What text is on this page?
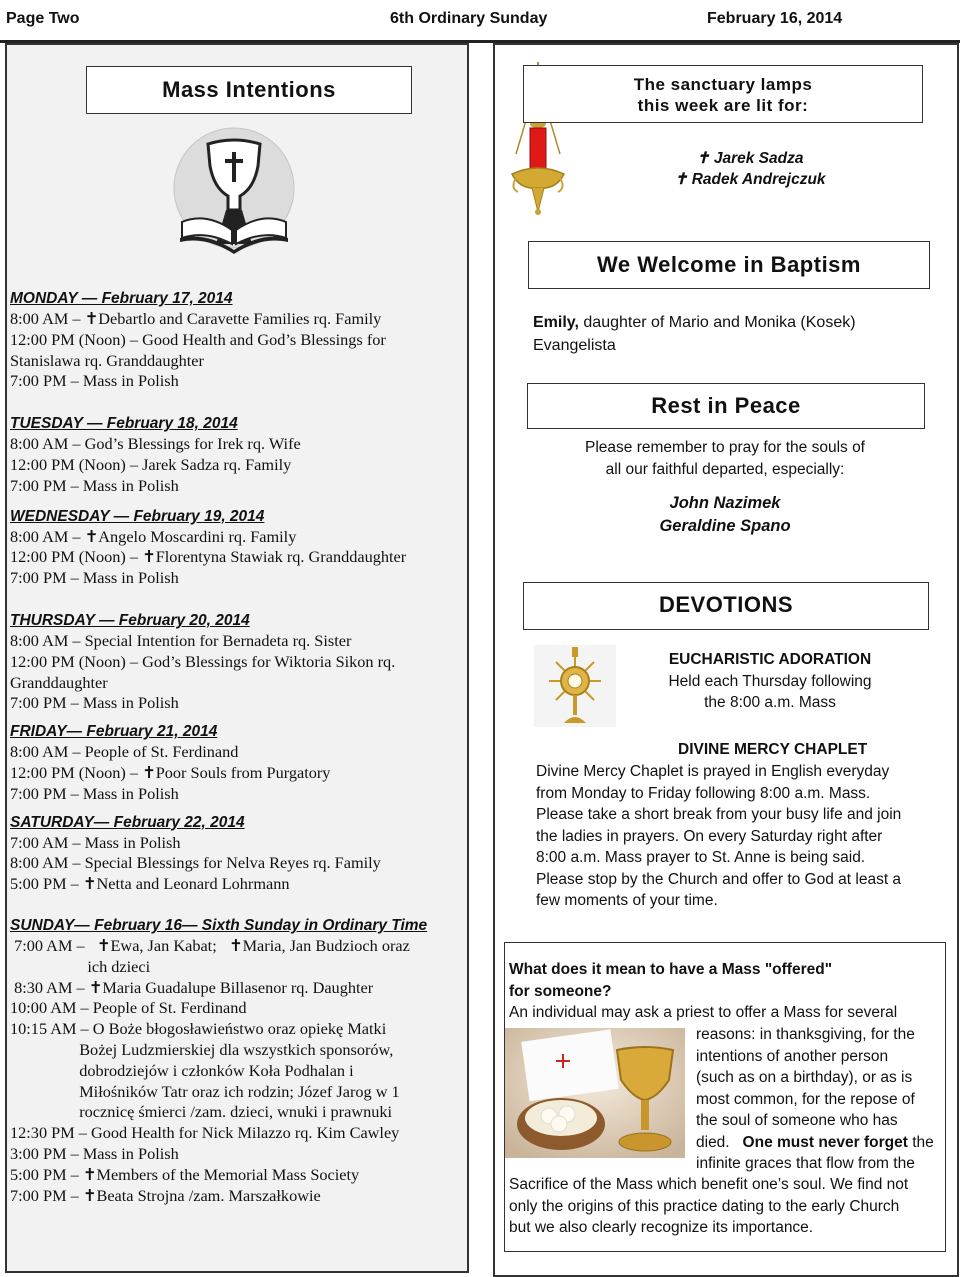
Page Two	6th Ordinary Sunday	February 16, 2014
Mass Intentions
MONDAY — February 17, 2014
8:00 AM – ✝Debartlo and Caravette Families rq. Family
12:00 PM (Noon) – Good Health and God’s Blessings for
Stanislawa rq. Granddaughter
7:00 PM – Mass in Polish
TUESDAY — February 18, 2014
8:00 AM – God’s Blessings for Irek rq. Wife
12:00 PM (Noon) – Jarek Sadza rq. Family
7:00 PM – Mass in Polish
WEDNESDAY — February 19, 2014
8:00 AM – ✝Angelo Moscardini rq. Family
12:00 PM (Noon) – ✝Florentyna Stawiak rq. Granddaughter
7:00 PM – Mass in Polish
THURSDAY — February 20, 2014
8:00 AM – Special Intention for Bernadeta rq. Sister
12:00 PM (Noon) – God’s Blessings for Wiktoria Sikon rq.
Granddaughter
7:00 PM – Mass in Polish
FRIDAY— February 21, 2014
8:00 AM – People of St. Ferdinand
12:00 PM (Noon) – ✝Poor Souls from Purgatory
7:00 PM – Mass in Polish
SATURDAY— February 22, 2014
7:00 AM – Mass in Polish
8:00 AM – Special Blessings for Nelva Reyes rq. Family
5:00 PM – ✝Netta and Leonard Lohrmann
SUNDAY— February 16— Sixth Sunday in Ordinary Time
7:00 AM –   ✝Ewa, Jan Kabat;   ✝Maria, Jan Budzioch oraz
ich dzieci
8:30 AM – ✝Maria Guadalupe Billasenor rq. Daughter
10:00 AM – People of St. Ferdinand
10:15 AM – O Boże błogosławieństwo oraz opiekę Matki
Bożej Ludzmierskiej dla wszystkich sponsorów,
dobrodziejów i członków Koła Podhalan i
Miłośników Tatr oraz ich rodzin; Józef Jarog w 1
rocznicę śmierci /zam. dzieci, wnuki i prawnuki
12:30 PM – Good Health for Nick Milazzo rq. Kim Cawley
3:00 PM – Mass in Polish
5:00 PM – ✝Members of the Memorial Mass Society
7:00 PM – ✝Beata Strojna /zam. Marszałkowie
The sanctuary lamps
this week are lit for:
✝ Jarek Sadza
✝ Radek Andrejczuk
We Welcome in Baptism
Emily, daughter of Mario and Monika (Kosek)
Evangelista
Rest in Peace
Please remember to pray for the souls of
all our faithful departed, especially:
John Nazimek
Geraldine Spano
DEVOTIONS
EUCHARISTIC ADORATION
Held each Thursday following
the 8:00 a.m. Mass
DIVINE MERCY CHAPLET
Divine Mercy Chaplet is prayed in English everyday
from Monday to Friday following 8:00 a.m. Mass.
Please take a short break from your busy life and join
the ladies in prayers. On every Saturday right after
8:00 a.m. Mass prayer to St. Anne is being said.
Please stop by the Church and offer to God at least a
few moments of your time.
What does it mean to have a Mass "offered"
for someone?
An individual may ask a priest to offer a Mass for several
reasons: in thanksgiving, for the
intentions of another person
(such as on a birthday), or as is
most common, for the repose of
the soul of someone who has
died. One must never forget the
infinite graces that flow from the
Sacrifice of the Mass which benefit one’s soul. We find not
only the origins of this practice dating to the early Church
but we also clearly recognize its importance.
